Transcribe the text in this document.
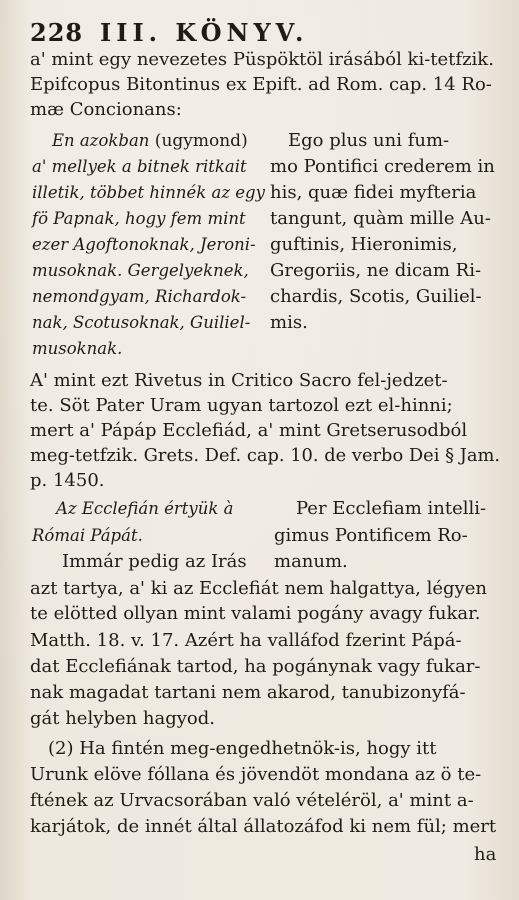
228 III. KÖNYV.
a' mint egy nevezetes Püspöktöl irásából ki-tetfzik.
Epifcopus Bitontinus ex Epift. ad Rom. cap. 14 Ro-
mæ Concionans:
En azokban (ugymond)
a' mellyek a bitnek ritkait
illetik, többet hinnék az egy
fö Papnak, hogy fem mint
ezer Agoftonoknak, Jeroni-
musoknak. Gergelyeknek,
nemondgyam, Richardok-
nak, Scotusoknak, Guiliel-
musoknak.
Ego plus uni fum-
mo Pontifici crederem in
his, quæ fidei myfteria
tangunt, quàm mille Au-
guftinis, Hieronimis,
Gregoriis, ne dicam Ri-
chardis, Scotis, Guiliel-
mis.
A' mint ezt Rivetus in Critico Sacro fel-jedzet-
te. Söt Pater Uram ugyan tartozol ezt el-hinni;
mert a' Pápáp Ecclefiád, a' mint Gretserusodból
meg-tetfzik. Grets. Def. cap. 10. de verbo Dei § Jam.
p. 1450.
Az Ecclefián értyük à
Római Pápát.
Per Ecclefiam intelli-
gimus Pontificem Ro-
manum.
Immár pedig az Irás
azt tartya, a' ki az Ecclefiát nem halgattya, légyen
te elötted ollyan mint valami pogány avagy fukar.
Matth. 18. v. 17. Azért ha valláfod fzerint Pápá-
dat Ecclefiának tartod, ha pogánynak vagy fukar-
nak magadat tartani nem akarod, tanubizonyfá-
gát helyben hagyod.
(2) Ha fintén meg-engedhetnök-is, hogy itt
Urunk elöve fóllana és jövendöt mondana az ö te-
ftének az Urvacsorában való vételéröl, a' mint a-
karjátok, de innét által állatozáfod ki nem fül; mert
ha
